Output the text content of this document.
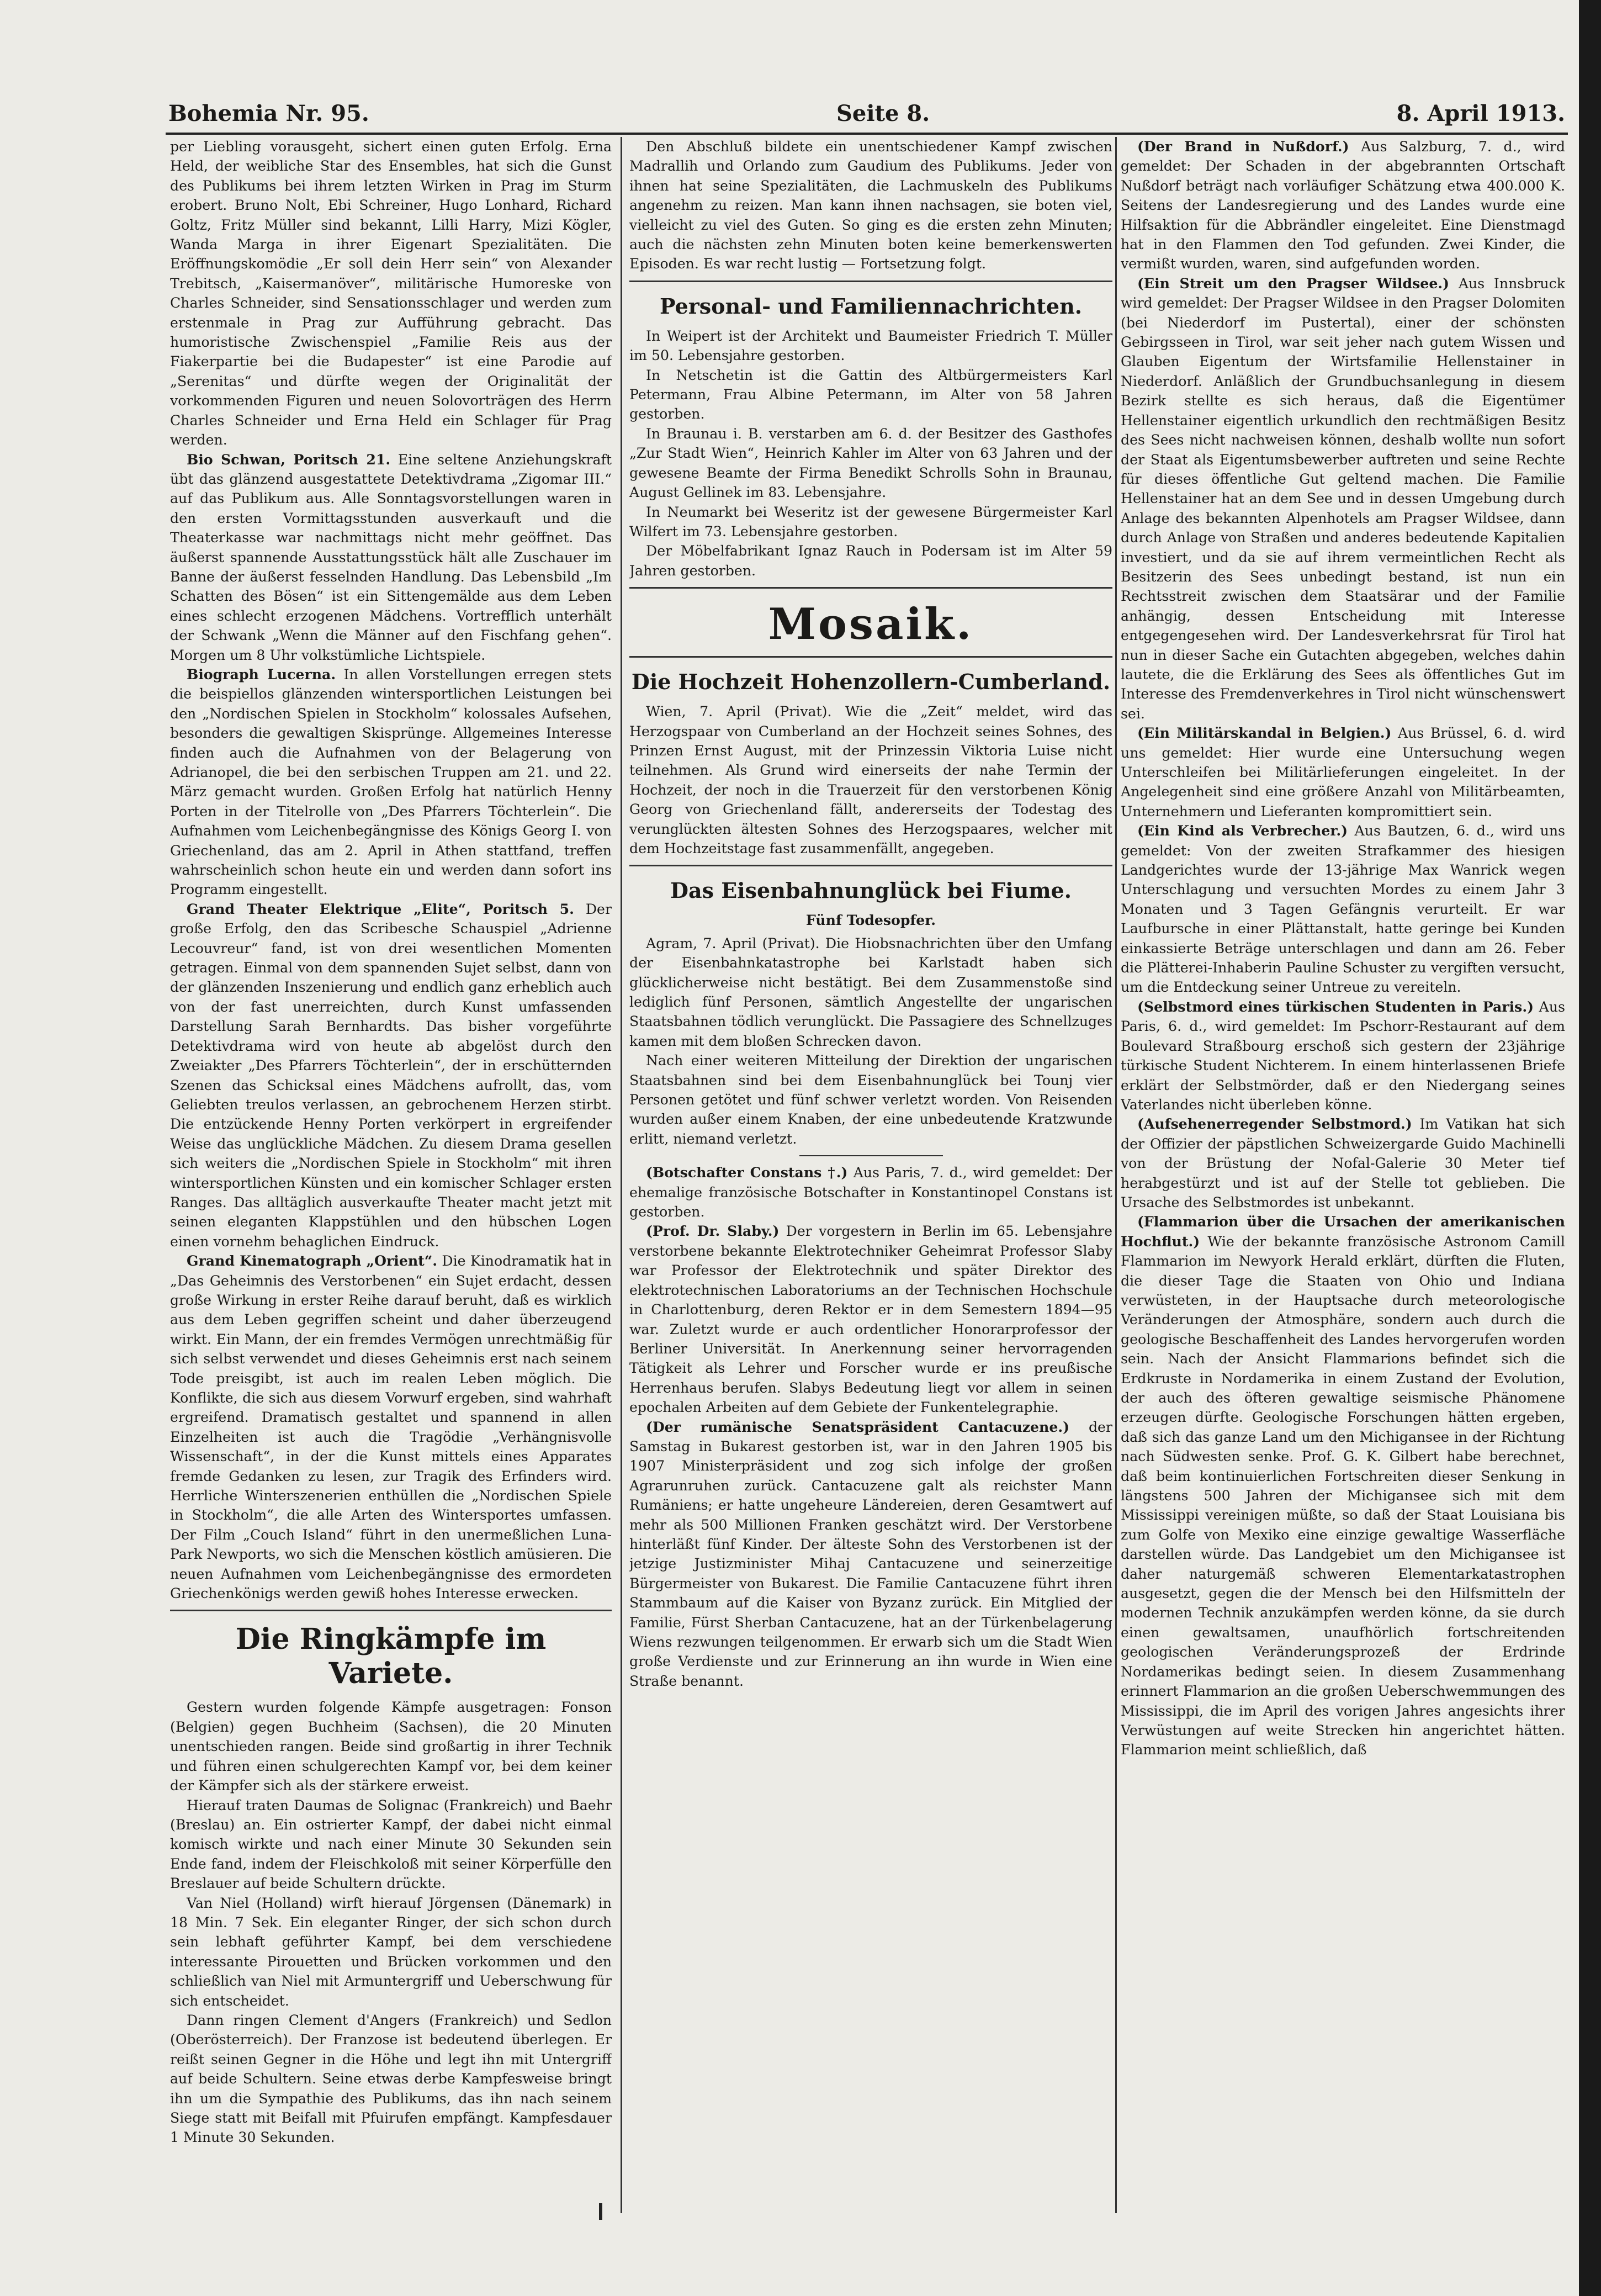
Bohemia Nr. 95.	Seite 8.	8. April 1913.

per Liebling vorausgeht, sichert einen guten Erfolg. Erna Held, der weibliche Star des Ensembles, hat sich die Gunst des Publikums bei ihrem letzten Wirken in Prag im Sturm erobert. Bruno Nolt, Ebi Schreiner, Hugo Lonhard, Richard Goltz, Fritz Müller sind bekannt, Lilli Harry, Mizi Kögler, Wanda Marga in ihrer Eigenart Spezialitäten. Die Eröffnungskomödie „Er soll dein Herr sein“ von Alexander Trebitsch, „Kaisermanöver“, militärische Humoreske von Charles Schneider, sind Sensationsschlager und werden zum erstenmale in Prag zur Aufführung gebracht. Das humoristische Zwischenspiel „Familie Reis aus der Fiakerpartie bei die Budapester“ ist eine Parodie auf „Serenitas“ und dürfte wegen der Originalität der vorkommenden Figuren und neuen Solovorträgen des Herrn Charles Schneider und Erna Held ein Schlager für Prag werden.

Bio Schwan, Poritsch 21. Eine seltene Anziehungskraft übt das glänzend ausgestattete Detektivdrama „Zigomar III.“ auf das Publikum aus. Alle Sonntagsvorstellungen waren in den ersten Vormittagsstunden ausverkauft und die Theaterkasse war nachmittags nicht mehr geöffnet. Das äußerst spannende Ausstattungsstück hält alle Zuschauer im Banne der äußerst fesselnden Handlung. Das Lebensbild „Im Schatten des Bösen“ ist ein Sittengemälde aus dem Leben eines schlecht erzogenen Mädchens. Vortrefflich unterhält der Schwank „Wenn die Männer auf den Fischfang gehen“. Morgen um 8 Uhr volkstümliche Lichtspiele.

Biograph Lucerna. In allen Vorstellungen erregen stets die beispiellos glänzenden wintersportlichen Leistungen bei den „Nordischen Spielen in Stockholm“ kolossales Aufsehen, besonders die gewaltigen Skisprünge. Allgemeines Interesse finden auch die Aufnahmen von der Belagerung von Adrianopel, die bei den serbischen Truppen am 21. und 22. März gemacht wurden. Großen Erfolg hat natürlich Henny Porten in der Titelrolle von „Des Pfarrers Töchterlein“. Die Aufnahmen vom Leichenbegängnisse des Königs Georg I. von Griechenland, das am 2. April in Athen stattfand, treffen wahrscheinlich schon heute ein und werden dann sofort ins Programm eingestellt.

Grand Theater Elektrique „Elite“, Poritsch 5. Der große Erfolg, den das Scribesche Schauspiel „Adrienne Lecouvreur“ fand, ist von drei wesentlichen Momenten getragen. Einmal von dem spannenden Sujet selbst, dann von der glänzenden Inszenierung und endlich ganz erheblich auch von der fast unerreichten, durch Kunst umfassenden Darstellung Sarah Bernhardts. Das bisher vorgeführte Detektivdrama wird von heute ab abgelöst durch den Zweiakter „Des Pfarrers Töchterlein“, der in erschütternden Szenen das Schicksal eines Mädchens aufrollt, das, vom Geliebten treulos verlassen, an gebrochenem Herzen stirbt. Die entzückende Henny Porten verkörpert in ergreifender Weise das unglückliche Mädchen. Zu diesem Drama gesellen sich weiters die „Nordischen Spiele in Stockholm“ mit ihren wintersportlichen Künsten und ein komischer Schlager ersten Ranges. Das alltäglich ausverkaufte Theater macht jetzt mit seinen eleganten Klappstühlen und den hübschen Logen einen vornehm behaglichen Eindruck.

Grand Kinematograph „Orient“. Die Kinodramatik hat in „Das Geheimnis des Verstorbenen“ ein Sujet erdacht, dessen große Wirkung in erster Reihe darauf beruht, daß es wirklich aus dem Leben gegriffen scheint und daher überzeugend wirkt. Ein Mann, der ein fremdes Vermögen unrechtmäßig für sich selbst verwendet und dieses Geheimnis erst nach seinem Tode preisgibt, ist auch im realen Leben möglich. Die Konflikte, die sich aus diesem Vorwurf ergeben, sind wahrhaft ergreifend. Dramatisch gestaltet und spannend in allen Einzelheiten ist auch die Tragödie „Verhängnisvolle Wissenschaft“, in der die Kunst mittels eines Apparates fremde Gedanken zu lesen, zur Tragik des Erfinders wird. Herrliche Winterszenerien enthüllen die „Nordischen Spiele in Stockholm“, die alle Arten des Wintersportes umfassen. Der Film „Couch Island“ führt in den unermeßlichen Luna-Park Newports, wo sich die Menschen köstlich amüsieren. Die neuen Aufnahmen vom Leichenbegängnisse des ermordeten Griechenkönigs werden gewiß hohes Interesse erwecken.

Die Ringkämpfe im Variete.

Gestern wurden folgende Kämpfe ausgetragen: Fonson (Belgien) gegen Buchheim (Sachsen), die 20 Minuten unentschieden rangen. Beide sind großartig in ihrer Technik und führen einen schulgerechten Kampf vor, bei dem keiner der Kämpfer sich als der stärkere erweist.

Hierauf traten Daumas de Solignac (Frankreich) und Baehr (Breslau) an. Ein ostrierter Kampf, der dabei nicht einmal komisch wirkte und nach einer Minute 30 Sekunden sein Ende fand, indem der Fleischkoloß mit seiner Körperfülle den Breslauer auf beide Schultern drückte.

Van Niel (Holland) wirft hierauf Jörgensen (Dänemark) in 18 Min. 7 Sek. Ein eleganter Ringer, der sich schon durch sein lebhaft geführter Kampf, bei dem verschiedene interessante Pirouetten und Brücken vorkommen und den schließlich van Niel mit Armuntergriff und Ueberschwung für sich entscheidet.

Dann ringen Clement d'Angers (Frankreich) und Sedlon (Oberösterreich). Der Franzose ist bedeutend überlegen. Er reißt seinen Gegner in die Höhe und legt ihn mit Untergriff auf beide Schultern. Seine etwas derbe Kampfesweise bringt ihn um die Sympathie des Publikums, das ihn nach seinem Siege statt mit Beifall mit Pfuirufen empfängt. Kampfesdauer 1 Minute 30 Sekunden.

Den Abschluß bildete ein unentschiedener Kampf zwischen Madrallih und Orlando zum Gaudium des Publikums. Jeder von ihnen hat seine Spezialitäten, die Lachmuskeln des Publikums angenehm zu reizen. Man kann ihnen nachsagen, sie boten viel, vielleicht zu viel des Guten. So ging es die ersten zehn Minuten; auch die nächsten zehn Minuten boten keine bemerkenswerten Episoden. Es war recht lustig — Fortsetzung folgt.

Personal- und Familiennachrichten.

In Weipert ist der Architekt und Baumeister Friedrich T. Müller im 50. Lebensjahre gestorben.

In Netschetin ist die Gattin des Altbürgermeisters Karl Petermann, Frau Albine Petermann, im Alter von 58 Jahren gestorben.

In Braunau i. B. verstarben am 6. d. der Besitzer des Gasthofes „Zur Stadt Wien“, Heinrich Kahler im Alter von 63 Jahren und der gewesene Beamte der Firma Benedikt Schrolls Sohn in Braunau, August Gellinek im 83. Lebensjahre.

In Neumarkt bei Weseritz ist der gewesene Bürgermeister Karl Wilfert im 73. Lebensjahre gestorben.

Der Möbelfabrikant Ignaz Rauch in Podersam ist im Alter 59 Jahren gestorben.

Mosaik.
Die Hochzeit Hohenzollern-Cumberland.

Wien, 7. April (Privat). Wie die „Zeit“ meldet, wird das Herzogspaar von Cumberland an der Hochzeit seines Sohnes, des Prinzen Ernst August, mit der Prinzessin Viktoria Luise nicht teilnehmen. Als Grund wird einerseits der nahe Termin der Hochzeit, der noch in die Trauerzeit für den verstorbenen König Georg von Griechenland fällt, andererseits der Todestag des verunglückten ältesten Sohnes des Herzogspaares, welcher mit dem Hochzeitstage fast zusammenfällt, angegeben.

Das Eisenbahnunglück bei Fiume.
Fünf Todesopfer.

Agram, 7. April (Privat). Die Hiobsnachrichten über den Umfang der Eisenbahnkatastrophe bei Karlstadt haben sich glücklicherweise nicht bestätigt. Bei dem Zusammenstoße sind lediglich fünf Personen, sämtlich Angestellte der ungarischen Staatsbahnen tödlich verunglückt. Die Passagiere des Schnellzuges kamen mit dem bloßen Schrecken davon.

Nach einer weiteren Mitteilung der Direktion der ungarischen Staatsbahnen sind bei dem Eisenbahnunglück bei Tounj vier Personen getötet und fünf schwer verletzt worden. Von Reisenden wurden außer einem Knaben, der eine unbedeutende Kratzwunde erlitt, niemand verletzt.

(Botschafter Constans †.) Aus Paris, 7. d., wird gemeldet: Der ehemalige französische Botschafter in Konstantinopel Constans ist gestorben.

(Prof. Dr. Slaby.) Der vorgestern in Berlin im 65. Lebensjahre verstorbene bekannte Elektrotechniker Geheimrat Professor Slaby war Professor der Elektrotechnik und später Direktor des elektrotechnischen Laboratoriums an der Technischen Hochschule in Charlottenburg, deren Rektor er in dem Semestern 1894—95 war. Zuletzt wurde er auch ordentlicher Honorarprofessor der Berliner Universität. In Anerkennung seiner hervorragenden Tätigkeit als Lehrer und Forscher wurde er ins preußische Herrenhaus berufen. Slabys Bedeutung liegt vor allem in seinen epochalen Arbeiten auf dem Gebiete der Funkentelegraphie.

(Der rumänische Senatspräsident Cantacuzene.) der Samstag in Bukarest gestorben ist, war in den Jahren 1905 bis 1907 Ministerpräsident und zog sich infolge der großen Agrarunruhen zurück. Cantacuzene galt als reichster Mann Rumäniens; er hatte ungeheure Ländereien, deren Gesamtwert auf mehr als 500 Millionen Franken geschätzt wird. Der Verstorbene hinterläßt fünf Kinder. Der älteste Sohn des Verstorbenen ist der jetzige Justizminister Mihaj Cantacuzene und seinerzeitige Bürgermeister von Bukarest. Die Familie Cantacuzene führt ihren Stammbaum auf die Kaiser von Byzanz zurück. Ein Mitglied der Familie, Fürst Sherban Cantacuzene, hat an der Türkenbelagerung Wiens rezwungen teilgenommen. Er erwarb sich um die Stadt Wien große Verdienste und zur Erinnerung an ihn wurde in Wien eine Straße benannt.

(Der Brand in Nußdorf.) Aus Salzburg, 7. d., wird gemeldet: Der Schaden in der abgebrannten Ortschaft Nußdorf beträgt nach vorläufiger Schätzung etwa 400.000 K. Seitens der Landesregierung und des Landes wurde eine Hilfsaktion für die Abbrändler eingeleitet. Eine Dienstmagd hat in den Flammen den Tod gefunden. Zwei Kinder, die vermißt wurden, waren, sind aufgefunden worden.

(Ein Streit um den Pragser Wildsee.) Aus Innsbruck wird gemeldet: Der Pragser Wildsee in den Pragser Dolomiten (bei Niederdorf im Pustertal), einer der schönsten Gebirgsseen in Tirol, war seit jeher nach gutem Wissen und Glauben Eigentum der Wirtsfamilie Hellenstainer in Niederdorf. Anläßlich der Grundbuchsanlegung in diesem Bezirk stellte es sich heraus, daß die Eigentümer Hellenstainer eigentlich urkundlich den rechtmäßigen Besitz des Sees nicht nachweisen können, deshalb wollte nun sofort der Staat als Eigentumsbewerber auftreten und seine Rechte für dieses öffentliche Gut geltend machen. Die Familie Hellenstainer hat an dem See und in dessen Umgebung durch Anlage des bekannten Alpenhotels am Pragser Wildsee, dann durch Anlage von Straßen und anderes bedeutende Kapitalien investiert, und da sie auf ihrem vermeintlichen Recht als Besitzerin des Sees unbedingt bestand, ist nun ein Rechtsstreit zwischen dem Staatsärar und der Familie anhängig, dessen Entscheidung mit Interesse entgegengesehen wird. Der Landesverkehrsrat für Tirol hat nun in dieser Sache ein Gutachten abgegeben, welches dahin lautete, die die Erklärung des Sees als öffentliches Gut im Interesse des Fremdenverkehres in Tirol nicht wünschenswert sei.

(Ein Militärskandal in Belgien.) Aus Brüssel, 6. d. wird uns gemeldet: Hier wurde eine Untersuchung wegen Unterschleifen bei Militärlieferungen eingeleitet. In der Angelegenheit sind eine größere Anzahl von Militärbeamten, Unternehmern und Lieferanten kompromittiert sein.

(Ein Kind als Verbrecher.) Aus Bautzen, 6. d., wird uns gemeldet: Von der zweiten Strafkammer des hiesigen Landgerichtes wurde der 13-jährige Max Wanrick wegen Unterschlagung und versuchten Mordes zu einem Jahr 3 Monaten und 3 Tagen Gefängnis verurteilt. Er war Laufbursche in einer Plättanstalt, hatte geringe bei Kunden einkassierte Beträge unterschlagen und dann am 26. Feber die Plätterei-Inhaberin Pauline Schuster zu vergiften versucht, um die Entdeckung seiner Untreue zu vereiteln.

(Selbstmord eines türkischen Studenten in Paris.) Aus Paris, 6. d., wird gemeldet: Im Pschorr-Restaurant auf dem Boulevard Straßbourg erschoß sich gestern der 23jährige türkische Student Nichterem. In einem hinterlassenen Briefe erklärt der Selbstmörder, daß er den Niedergang seines Vaterlandes nicht überleben könne.

(Aufsehenerregender Selbstmord.) Im Vatikan hat sich der Offizier der päpstlichen Schweizergarde Guido Machinelli von der Brüstung der Nofal-Galerie 30 Meter tief herabgestürzt und ist auf der Stelle tot geblieben. Die Ursache des Selbstmordes ist unbekannt.

(Flammarion über die Ursachen der amerikanischen Hochflut.) Wie der bekannte französische Astronom Camill Flammarion im Newyork Herald erklärt, dürften die Fluten, die dieser Tage die Staaten von Ohio und Indiana verwüsteten, in der Hauptsache durch meteorologische Veränderungen der Atmosphäre, sondern auch durch die geologische Beschaffenheit des Landes hervorgerufen worden sein. Nach der Ansicht Flammarions befindet sich die Erdkruste in Nordamerika in einem Zustand der Evolution, der auch des öfteren gewaltige seismische Phänomene erzeugen dürfte. Geologische Forschungen hätten ergeben, daß sich das ganze Land um den Michigansee in der Richtung nach Südwesten senke. Prof. G. K. Gilbert habe berechnet, daß beim kontinuierlichen Fortschreiten dieser Senkung in längstens 500 Jahren der Michigansee sich mit dem Mississippi vereinigen müßte, so daß der Staat Louisiana bis zum Golfe von Mexiko eine einzige gewaltige Wasserfläche darstellen würde. Das Landgebiet um den Michigansee ist daher naturgemäß schweren Elementarkatastrophen ausgesetzt, gegen die der Mensch bei den Hilfsmitteln der modernen Technik anzukämpfen werden könne, da sie durch einen gewaltsamen, unaufhörlich fortschreitenden geologischen Veränderungsprozeß der Erdrinde Nordamerikas bedingt seien. In diesem Zusammenhang erinnert Flammarion an die großen Ueberschwemmungen des Mississippi, die im April des vorigen Jahres angesichts ihrer Verwüstungen auf weite Strecken hin angerichtet hätten. Flammarion meint schließlich, daß
